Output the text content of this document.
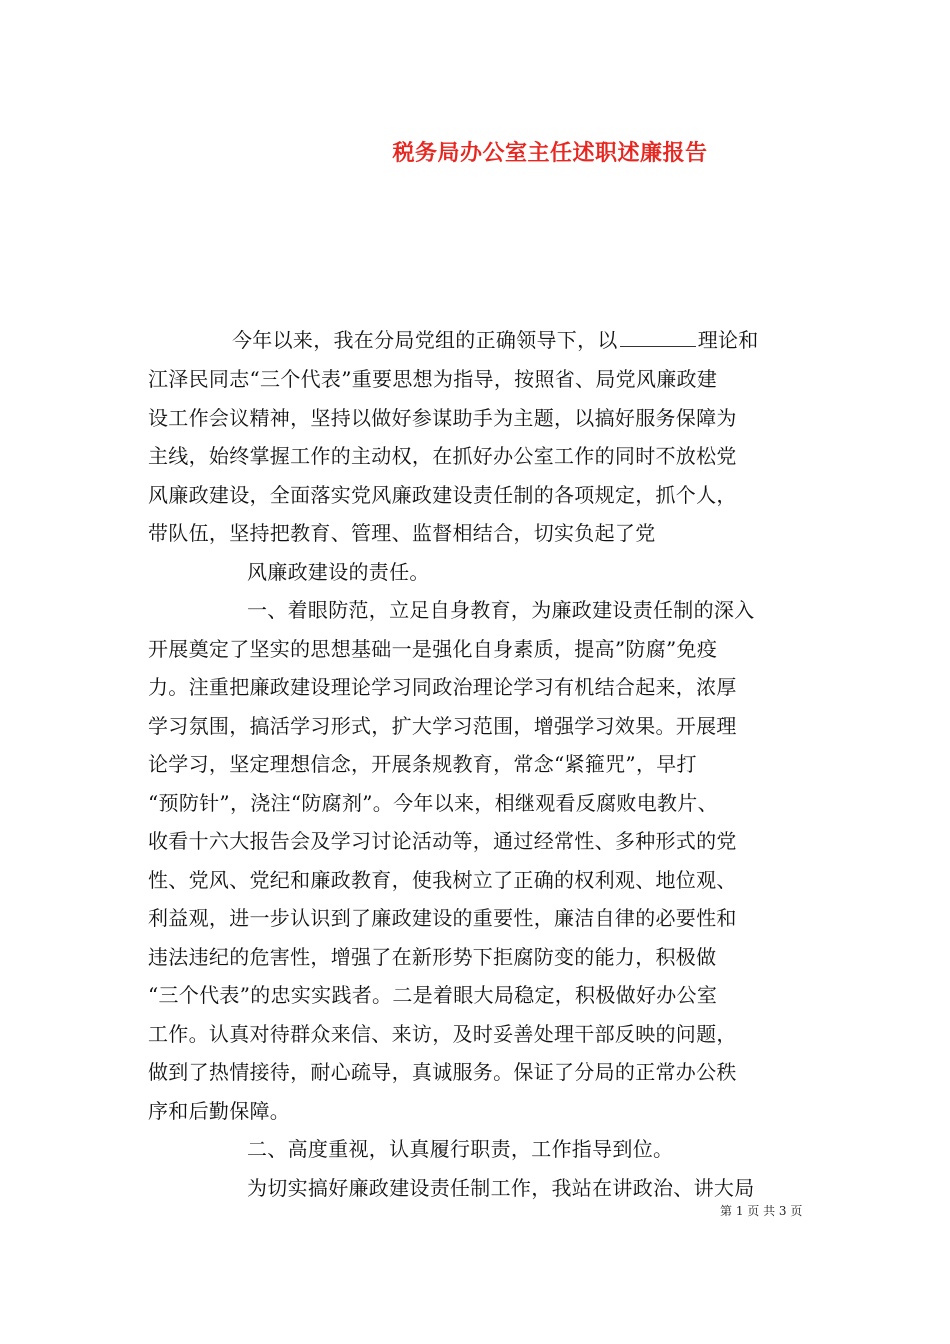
税务局办公室主任述职述廉报告
今年以来，我在分局党组的正确领导下，以	理论和
江泽民同志“三个代表”重要思想为指导，按照省、局党风廉政建
设工作会议精神，坚持以做好参谋助手为主题，以搞好服务保障为
主线，始终掌握工作的主动权，在抓好办公室工作的同时不放松党
风廉政建设，全面落实党风廉政建设责任制的各项规定，抓个人，
带队伍，坚持把教育、管理、监督相结合，切实负起了党
风廉政建设的责任。
一、着眼防范，立足自身教育，为廉政建设责任制的深入
开展奠定了坚实的思想基础一是强化自身素质，提高”防腐”免疫
力。注重把廉政建设理论学习同政治理论学习有机结合起来，浓厚
学习氛围，搞活学习形式，扩大学习范围，增强学习效果。开展理
论学习，坚定理想信念，开展条规教育，常念“紧箍咒”，早打
“预防针”，浇注“防腐剂”。今年以来，相继观看反腐败电教片、
收看十六大报告会及学习讨论活动等，通过经常性、多种形式的党
性、党风、党纪和廉政教育，使我树立了正确的权利观、地位观、
利益观，进一步认识到了廉政建设的重要性，廉洁自律的必要性和
违法违纪的危害性，增强了在新形势下拒腐防变的能力，积极做
“三个代表”的忠实实践者。二是着眼大局稳定，积极做好办公室
工作。认真对待群众来信、来访，及时妥善处理干部反映的问题，
做到了热情接待，耐心疏导，真诚服务。保证了分局的正常办公秩
序和后勤保障。
二、高度重视，认真履行职责，工作指导到位。
为切实搞好廉政建设责任制工作，我站在讲政治、讲大局
第 1 页 共 3 页
